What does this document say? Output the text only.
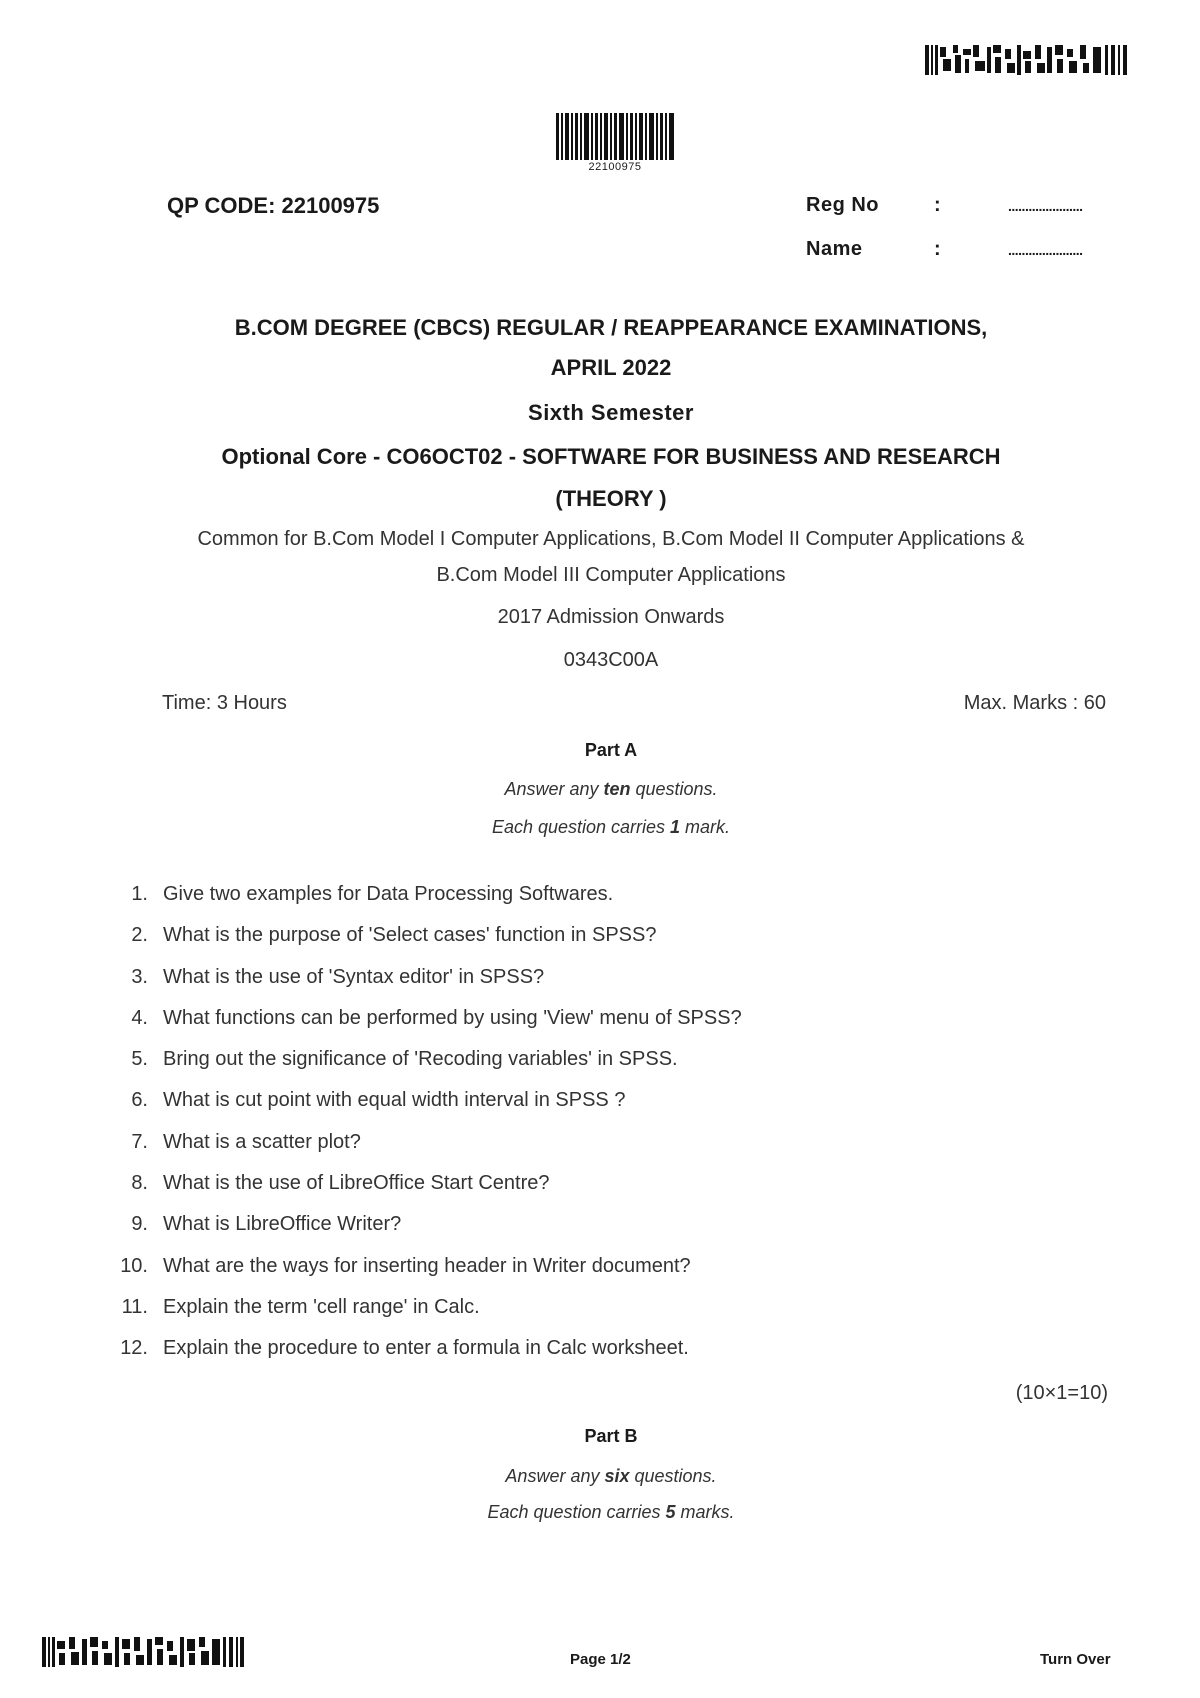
22100975
QP CODE: 22100975	Reg No	:	......................
Name	:	......................
B.COM DEGREE (CBCS) REGULAR / REAPPEARANCE EXAMINATIONS,
APRIL 2022
Sixth Semester
Optional Core - CO6OCT02 - SOFTWARE FOR BUSINESS AND RESEARCH
(THEORY )
Common for B.Com Model I Computer Applications, B.Com Model II Computer Applications &
B.Com Model III Computer Applications
2017 Admission Onwards
0343C00A
Time: 3 Hours	Max. Marks : 60
Part A
Answer any ten questions.
Each question carries 1 mark.
1. Give two examples for Data Processing Softwares.
2. What is the purpose of 'Select cases' function in SPSS?
3. What is the use of 'Syntax editor' in SPSS?
4. What functions can be performed by using 'View' menu of SPSS?
5. Bring out the significance of 'Recoding variables' in SPSS.
6. What is cut point with equal width interval in SPSS ?
7. What is a scatter plot?
8. What is the use of LibreOffice Start Centre?
9. What is LibreOffice Writer?
10. What are the ways for inserting header in Writer document?
11. Explain the term 'cell range' in Calc.
12. Explain the procedure to enter a formula in Calc worksheet.
(10×1=10)
Part B
Answer any six questions.
Each question carries 5 marks.
Page 1/2	Turn Over
